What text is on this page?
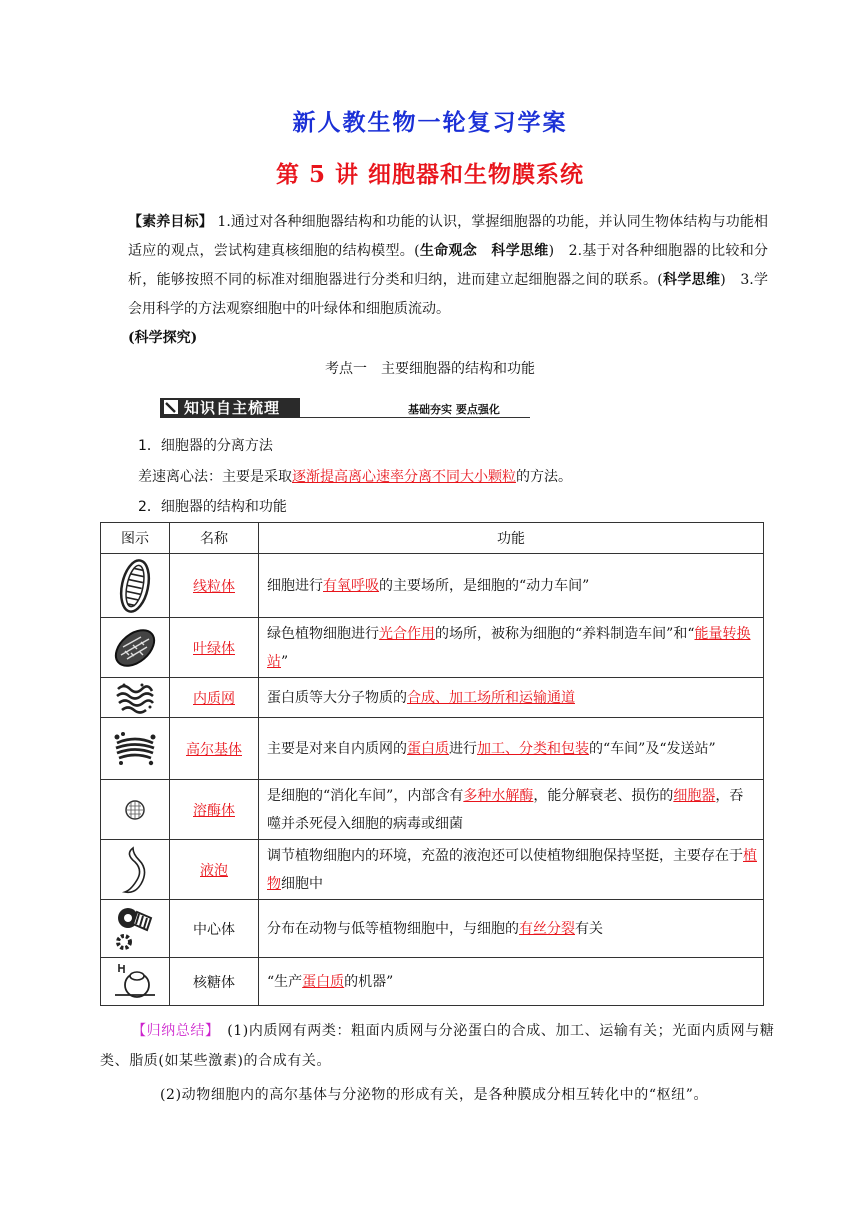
新人教生物一轮复习学案
第 5 讲 细胞器和生物膜系统
【素养目标】 1.通过对各种细胞器结构和功能的认识，掌握细胞器的功能，并认同生物体结构与功能相适应的观点，尝试构建真核细胞的结构模型。(生命观念　科学思维)　2.基于对各种细胞器的比较和分析，能够按照不同的标准对细胞器进行分类和归纳，进而建立起细胞器之间的联系。(科学思维)　3.学会用科学的方法观察细胞中的叶绿体和细胞质流动。
(科学探究)
考点一　主要细胞器的结构和功能
知识自主梳理	基础夯实 要点强化
1．细胞器的分离方法
差速离心法：主要是采取逐渐提高离心速率分离不同大小颗粒的方法。
2．细胞器的结构和功能
图示	名称	功能

	线粒体	细胞进行有氧呼吸的主要场所，是细胞的“动力车间”

	叶绿体	绿色植物细胞进行光合作用的场所，被称为细胞的“养料制造车间”和“能量转换站”

	内质网	蛋白质等大分子物质的合成、加工场所和运输通道

	高尔基体	主要是对来自内质网的蛋白质进行加工、分类和包装的“车间”及“发送站”

	溶酶体	是细胞的“消化车间”，内部含有多种水解酶，能分解衰老、损伤的细胞器，吞噬并杀死侵入细胞的病毒或细菌

	液泡	调节植物细胞内的环境，充盈的液泡还可以使植物细胞保持坚挺，主要存在于植物细胞中

	中心体	分布在动物与低等植物细胞中，与细胞的有丝分裂有关

	核糖体	“生产蛋白质的机器”
【归纳总结】　(1)内质网有两类：粗面内质网与分泌蛋白的合成、加工、运输有关；光面内质网与糖类、脂质(如某些激素)的合成有关。
(2)动物细胞内的高尔基体与分泌物的形成有关，是各种膜成分相互转化中的“枢纽”。
